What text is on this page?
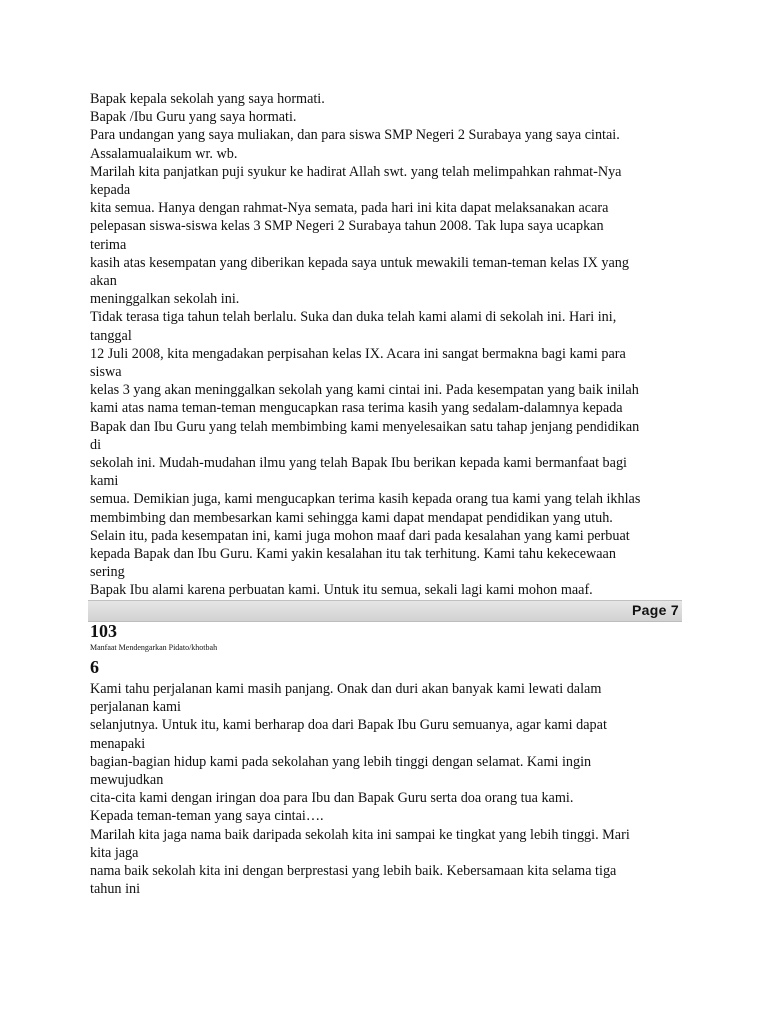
Bapak kepala sekolah yang saya hormati.
Bapak /Ibu Guru yang saya hormati.
Para undangan yang saya muliakan, dan para siswa SMP Negeri 2 Surabaya yang saya cintai.
Assalamualaikum wr. wb.
Marilah kita panjatkan puji syukur ke hadirat Allah swt. yang telah melimpahkan rahmat-Nya
kepada
kita semua. Hanya dengan rahmat-Nya semata, pada hari ini kita dapat melaksanakan acara
pelepasan siswa-siswa kelas 3 SMP Negeri 2 Surabaya tahun 2008. Tak lupa saya ucapkan
terima
kasih atas kesempatan yang diberikan kepada saya untuk mewakili teman-teman kelas IX yang
akan
meninggalkan sekolah ini.
Tidak terasa tiga tahun telah berlalu. Suka dan duka telah kami alami di sekolah ini. Hari ini,
tanggal
12 Juli 2008, kita mengadakan perpisahan kelas IX. Acara ini sangat bermakna bagi kami para
siswa
kelas 3 yang akan meninggalkan sekolah yang kami cintai ini. Pada kesempatan yang baik inilah
kami atas nama teman-teman mengucapkan rasa terima kasih yang sedalam-dalamnya kepada
Bapak dan Ibu Guru yang telah membimbing kami menyelesaikan satu tahap jenjang pendidikan
di
sekolah ini. Mudah-mudahan ilmu yang telah Bapak Ibu berikan kepada kami bermanfaat bagi
kami
semua. Demikian juga, kami mengucapkan terima kasih kepada orang tua kami yang telah ikhlas
membimbing dan membesarkan kami sehingga kami dapat mendapat pendidikan yang utuh.
Selain itu, pada kesempatan ini, kami juga mohon maaf dari pada kesalahan yang kami perbuat
kepada Bapak dan Ibu Guru. Kami yakin kesalahan itu tak terhitung. Kami tahu kekecewaan
sering
Bapak Ibu alami karena perbuatan kami. Untuk itu semua, sekali lagi kami mohon maaf.
Page 7
103
Manfaat Mendengarkan Pidato/khotbah
6
Kami tahu perjalanan kami masih panjang. Onak dan duri akan banyak kami lewati dalam
perjalanan kami
selanjutnya. Untuk itu, kami berharap doa dari Bapak Ibu Guru semuanya, agar kami dapat
menapaki
bagian-bagian hidup kami pada sekolahan yang lebih tinggi dengan selamat. Kami ingin
mewujudkan
cita-cita kami dengan iringan doa para Ibu dan Bapak Guru serta doa orang tua kami.
Kepada teman-teman yang saya cintai….
Marilah kita jaga nama baik daripada sekolah kita ini sampai ke tingkat yang lebih tinggi. Mari
kita jaga
nama baik sekolah kita ini dengan berprestasi yang lebih baik. Kebersamaan kita selama tiga
tahun ini
